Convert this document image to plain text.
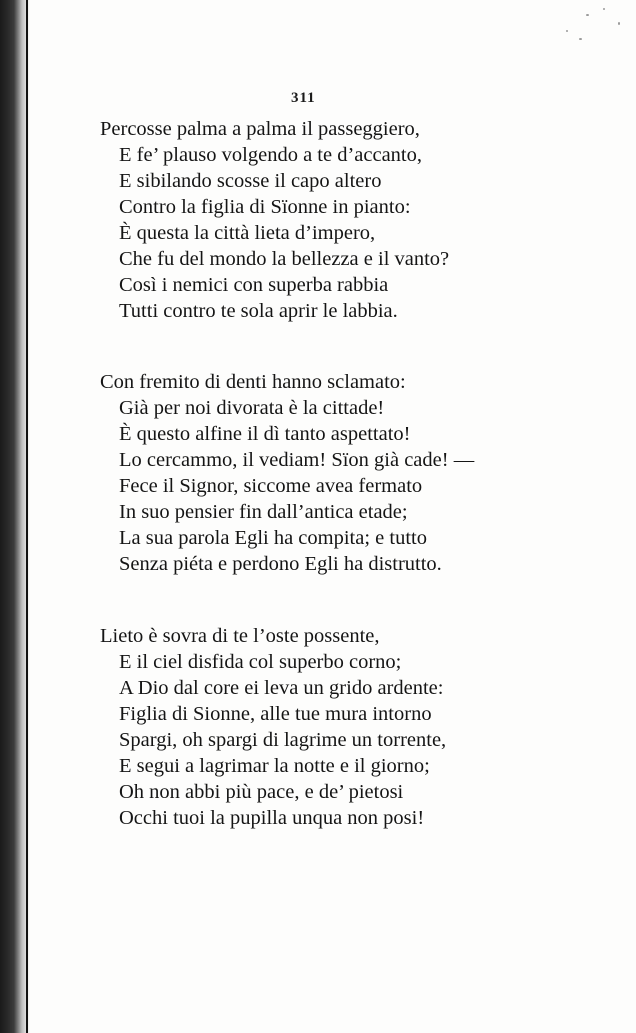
311
Percosse palma a palma il passeggiero,
E fe’ plauso volgendo a te d’accanto,
E sibilando scosse il capo altero
Contro la figlia di Sïonne in pianto:
È questa la città lieta d’impero,
Che fu del mondo la bellezza e il vanto?
Così i nemici con superba rabbia
Tutti contro te sola aprir le labbia.
Con fremito di denti hanno sclamato:
Già per noi divorata è la cittade!
È questo alfine il dì tanto aspettato!
Lo cercammo, il vediam! Sïon già cade! —
Fece il Signor, siccome avea fermato
In suo pensier fin dall’antica etade;
La sua parola Egli ha compita; e tutto
Senza piéta e perdono Egli ha distrutto.
Lieto è sovra di te l’oste possente,
E il ciel disfida col superbo corno;
A Dio dal core ei leva un grido ardente:
Figlia di Sionne, alle tue mura intorno
Spargi, oh spargi di lagrime un torrente,
E segui a lagrimar la notte e il giorno;
Oh non abbi più pace, e de’ pietosi
Occhi tuoi la pupilla unqua non posi!
